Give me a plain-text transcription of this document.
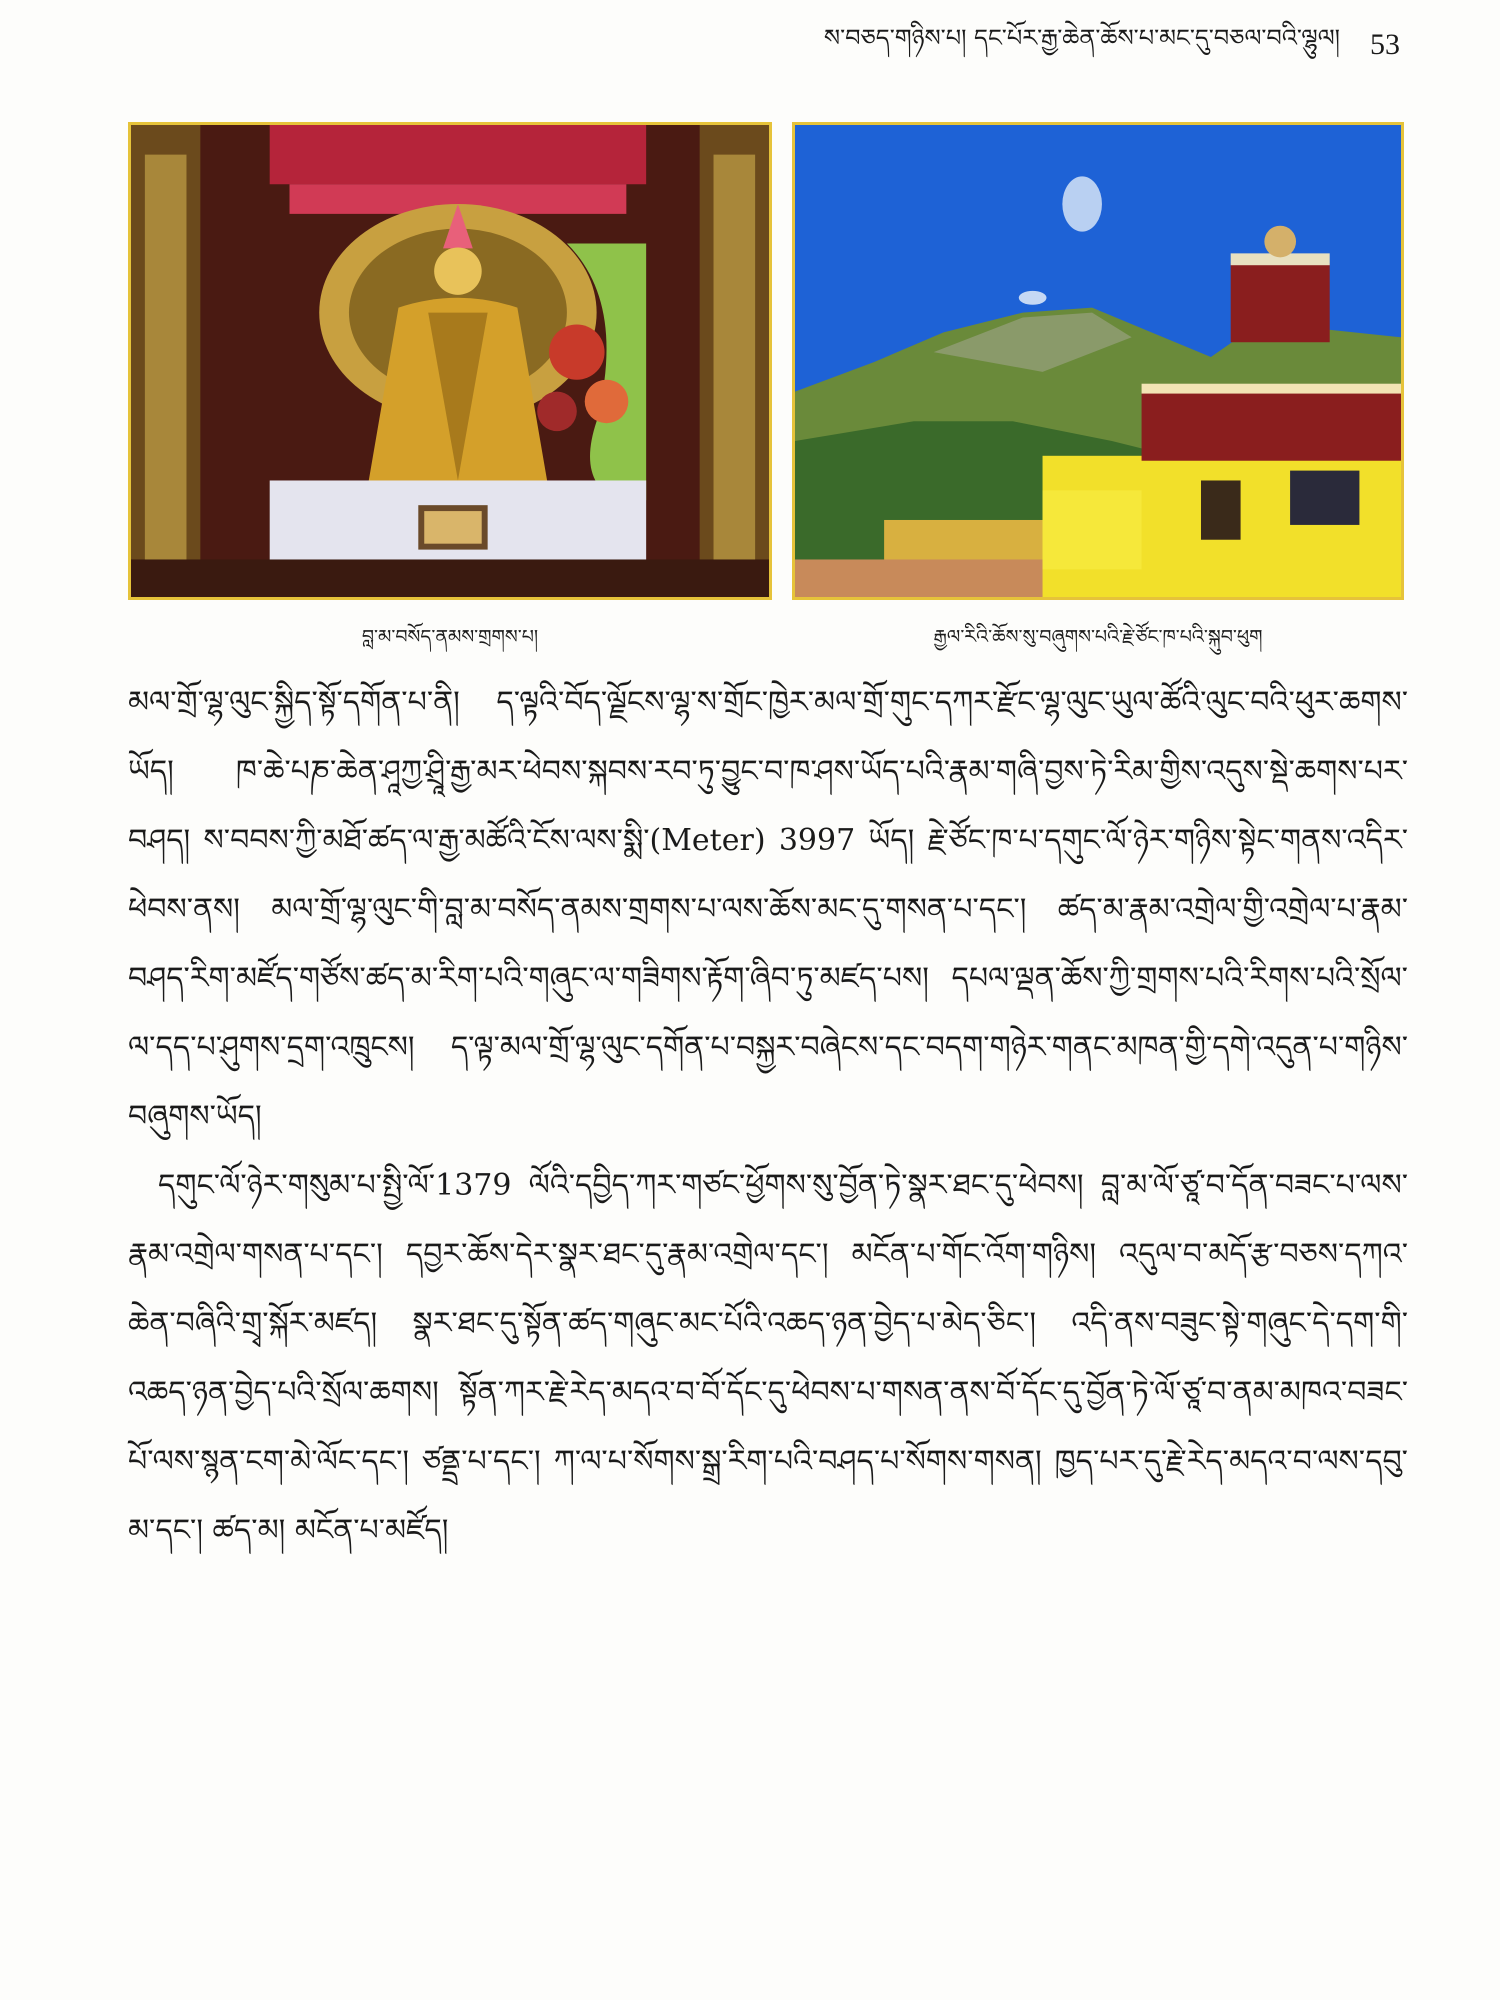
ས་བཅད་གཉིས་པ། དང་པོར་རྒྱ་ཆེན་ཆོས་པ་མང་དུ་བཅལ་བའི་ལྷུལ། 53
བླ་མ་བསོད་ནམས་གྲགས་པ།	རྒྱལ་རིའི་ཆོས་སུ་བཞུགས་པའི་རྗེ་ཙོང་ཁ་པའི་སྐུབ་ཕུག

མལ་གྲོ་ལྷ་ལུང་སྐྱིད་སྟོ་དགོན་པ་ནི། ད་ལྟའི་བོད་ལྗོངས་ལྷ་ས་གྲོང་ཁྱེར་མལ་གྲོ་གུང་དཀར་རྫོང་ལྷ་ལུང་ཡུལ་ཚོའི་ལུང་བའི་ཕུར་ཆགས་ཡོད། ཁ་ཆེ་པཎ་ཆེན་ཤཱཀྱ་ཤྲཱི་རྒྱ་མར་ཕེབས་སྐབས་རབ་ཏུ་བྱུང་བ་ཁ་ཤས་ཡོད་པའི་རྣམ་གཞི་བྱས་ཏེ་རིམ་གྱིས་འདུས་སྡེ་ཆགས་པར་བཤད། ས་བབས་ཀྱི་མཐོ་ཚད་ལ་རྒྱ་མཚོའི་ངོས་ལས་སྨི་(Meter) 3997 ཡོད། རྗེ་ཙོང་ཁ་པ་དགུང་ལོ་ཉེར་གཉིས་སྟེང་གནས་འདིར་ཕེབས་ནས། མལ་གྲོ་ལྷ་ལུང་གི་བླ་མ་བསོད་ནམས་གྲགས་པ་ལས་ཆོས་མང་དུ་གསན་པ་དང་། ཚད་མ་རྣམ་འགྲེལ་གྱི་འགྲེལ་པ་རྣམ་བཤད་རིག་མཛོད་གཙོས་ཚད་མ་རིག་པའི་གཞུང་ལ་གཟིགས་རྟོག་ཞིབ་ཏུ་མཛད་པས། དཔལ་ལྡན་ཆོས་ཀྱི་གྲགས་པའི་རིགས་པའི་སྲོལ་ལ་དད་པ་ཤུགས་དྲག་འཁྲུངས། ད་ལྟ་མལ་གྲོ་ལྷ་ལུང་དགོན་པ་བསྐྱར་བཞེངས་དང་བདག་གཉེར་གནང་མཁན་གྱི་དགེ་འདུན་པ་གཉིས་བཞུགས་ཡོད།

དགུང་ལོ་ཉེར་གསུམ་པ་སྤྱི་ལོ་1379 ལོའི་དབྱིད་ཀར་གཙང་ཕྱོགས་སུ་བྱོན་ཏེ་སྣར་ཐང་དུ་ཕེབས། བླ་མ་ལོ་ཙཱ་བ་དོན་བཟང་པ་ལས་རྣམ་འགྲེལ་གསན་པ་དང་། དབྱར་ཆོས་དེར་སྣར་ཐང་དུ་རྣམ་འགྲེལ་དང་། མངོན་པ་གོང་འོག་གཉིས། འདུལ་བ་མདོ་རྩ་བཅས་དཀའ་ཆེན་བཞིའི་གྲྭ་སྐོར་མཛད། སྣར་ཐང་དུ་སྟོན་ཚད་གཞུང་མང་པོའི་འཆད་ཉན་བྱེད་པ་མེད་ཅིང་། འདི་ནས་བཟུང་སྟེ་གཞུང་དེ་དག་གི་འཆད་ཉན་བྱེད་པའི་སྲོལ་ཆགས། སྟོན་ཀར་རྗེ་རེད་མདའ་བ་བོ་དོང་དུ་ཕེབས་པ་གསན་ནས་བོ་དོང་དུ་བྱོན་ཏེ་ལོ་ཙཱ་བ་ནམ་མཁའ་བཟང་པོ་ལས་སྙན་ངག་མེ་ལོང་དང་། ཙནྡྲ་པ་དང་། ཀ་ལ་པ་སོགས་སྒྲ་རིག་པའི་བཤད་པ་སོགས་གསན། ཁྱད་པར་དུ་རྗེ་རེད་མདའ་བ་ལས་དབུ་མ་དང་། ཚད་མ། མངོན་པ་མཛོད།
